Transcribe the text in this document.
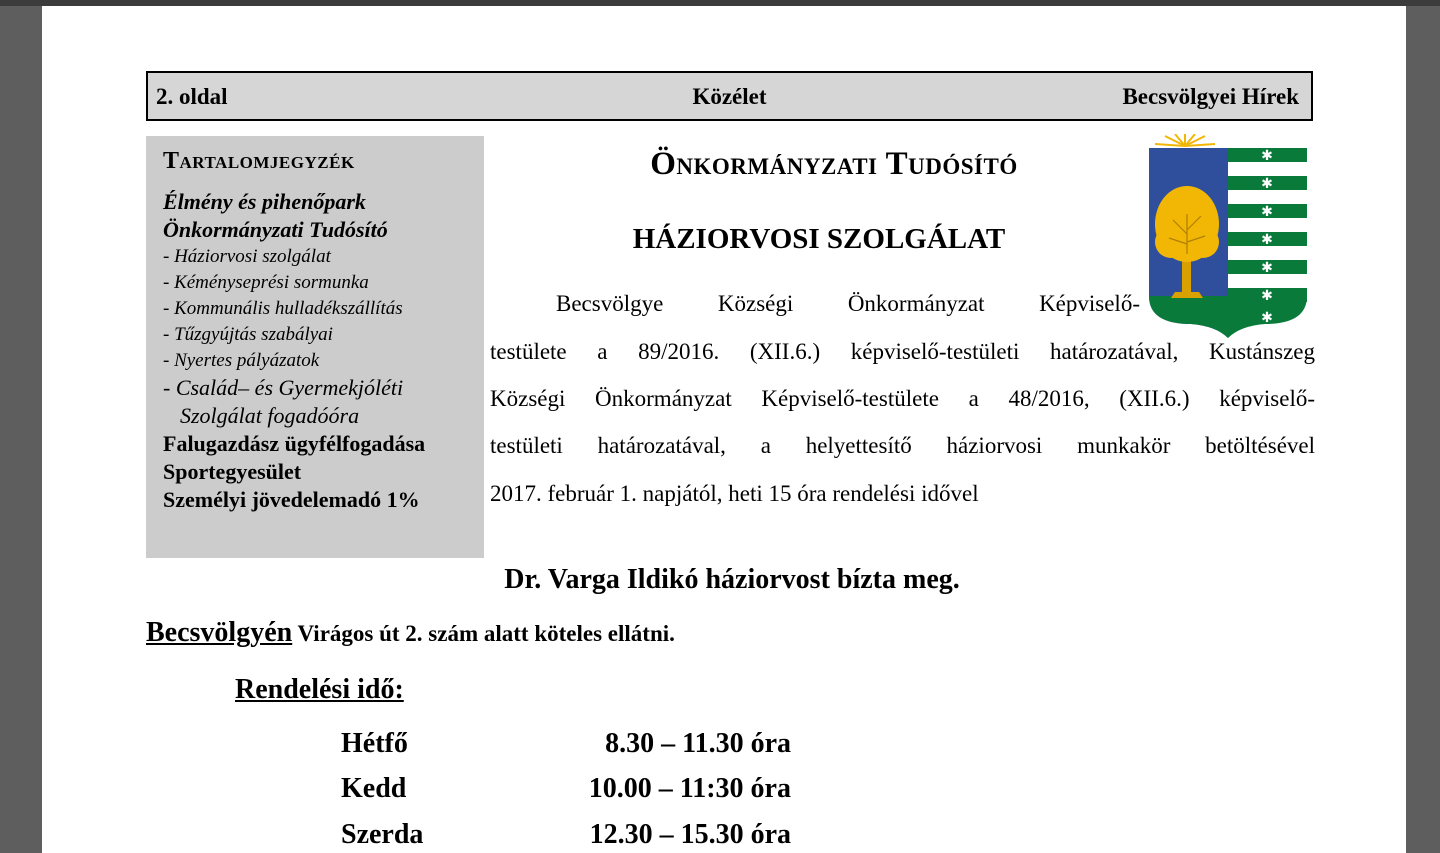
2. oldal	Közélet	Becsvölgyei Hírek
Tartalomjegyzék
Élmény és pihenőpark
Önkormányzati Tudósító
- Háziorvosi szolgálat
- Kéményseprési sormunka
- Kommunális hulladékszállítás
- Tűzgyújtás szabályai
- Nyertes pályázatok
- Család– és Gyermekjóléti
Szolgálat fogadóóra
Falugazdász ügyfélfogadása
Sportegyesület
Személyi jövedelemadó 1%
Önkormányzati Tudósító
HÁZIORVOSI SZOLGÁLAT
✱
✱
✱
✱
✱
✱
✱
Becsvölgye Községi Önkormányzat Képviselő-
testülete a 89/2016. (XII.6.) képviselő-testületi határozatával, Kustánszeg
Községi Önkormányzat Képviselő-testülete a 48/2016, (XII.6.) képviselő-
testületi határozatával, a helyettesítő háziorvosi munkakör betöltésével
2017. február 1. napjától, heti 15 óra rendelési idővel
Dr. Varga Ildikó háziorvost bízta meg.
Becsvölgyén Virágos út 2. szám alatt köteles ellátni.
Rendelési idő:
Hétfő	8.30 – 11.30 óra
Kedd	10.00 – 11:30 óra
Szerda	12.30 – 15.30 óra
